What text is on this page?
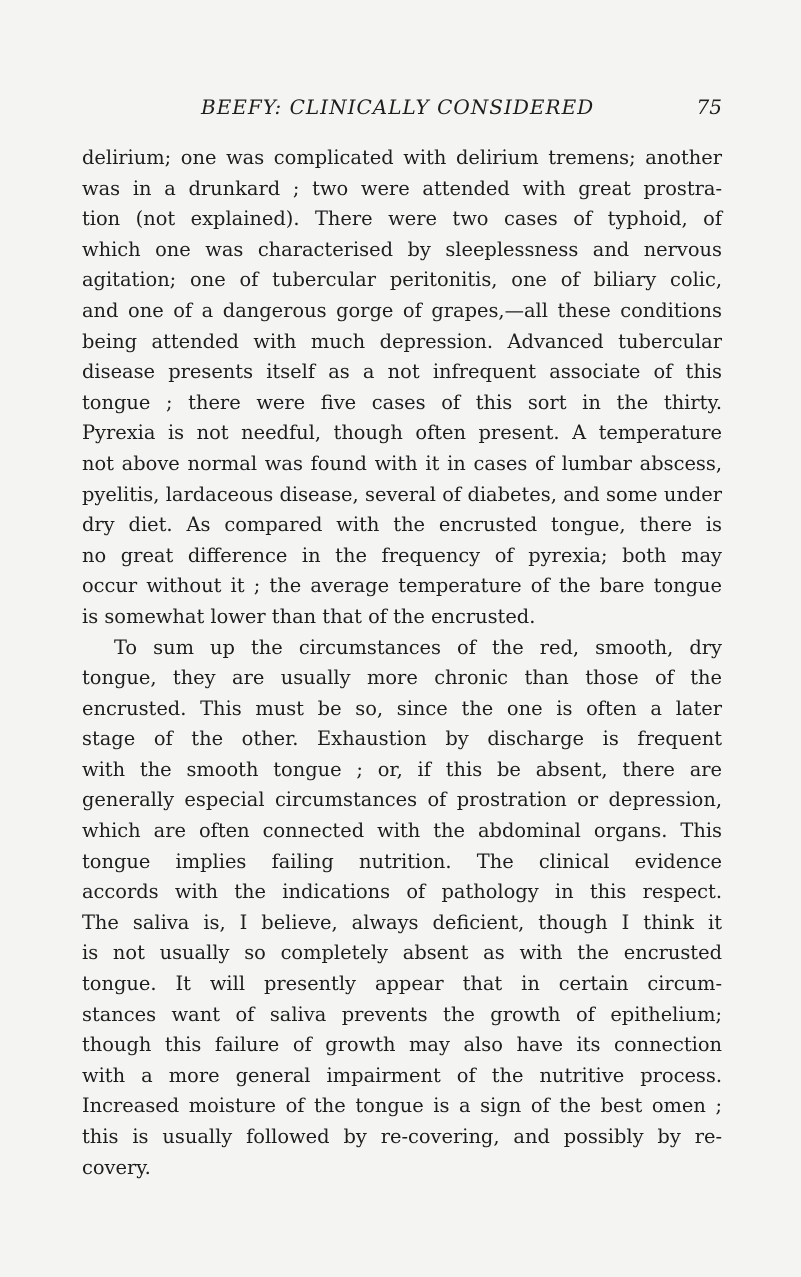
BEEFY: CLINICALLY CONSIDERED	75
delirium; one was complicated with delirium tremens; another
was in a drunkard ; two were attended with great prostra-
tion (not explained). There were two cases of typhoid, of
which one was characterised by sleeplessness and nervous
agitation; one of tubercular peritonitis, one of biliary colic,
and one of a dangerous gorge of grapes,—all these conditions
being attended with much depression. Advanced tubercular
disease presents itself as a not infrequent associate of this
tongue ; there were five cases of this sort in the thirty.
Pyrexia is not needful, though often present. A temperature
not above normal was found with it in cases of lumbar abscess,
pyelitis, lardaceous disease, several of diabetes, and some under
dry diet. As compared with the encrusted tongue, there is
no great difference in the frequency of pyrexia; both may
occur without it ; the average temperature of the bare tongue
is somewhat lower than that of the encrusted.
To sum up the circumstances of the red, smooth, dry
tongue, they are usually more chronic than those of the
encrusted. This must be so, since the one is often a later
stage of the other. Exhaustion by discharge is frequent
with the smooth tongue ; or, if this be absent, there are
generally especial circumstances of prostration or depression,
which are often connected with the abdominal organs. This
tongue implies failing nutrition. The clinical evidence
accords with the indications of pathology in this respect.
The saliva is, I believe, always deficient, though I think it
is not usually so completely absent as with the encrusted
tongue. It will presently appear that in certain circum-
stances want of saliva prevents the growth of epithelium;
though this failure of growth may also have its connection
with a more general impairment of the nutritive process.
Increased moisture of the tongue is a sign of the best omen ;
this is usually followed by re-covering, and possibly by re-
covery.
